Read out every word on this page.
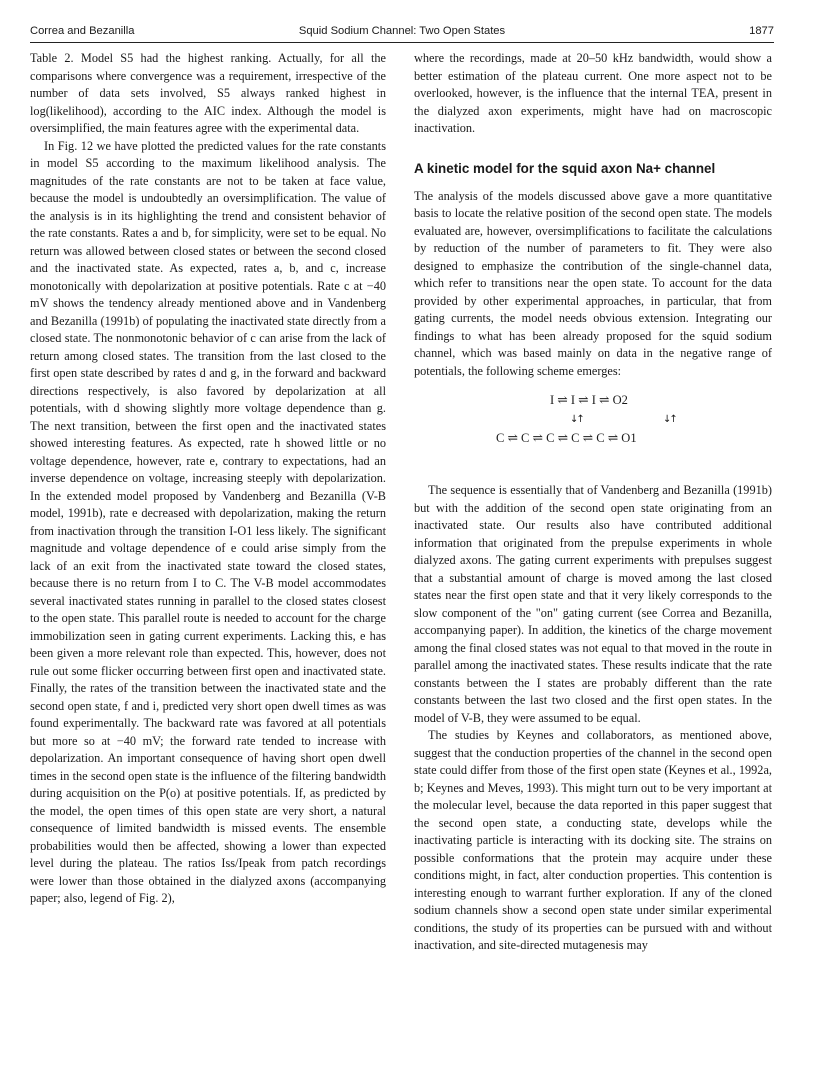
Correa and Bezanilla	Squid Sodium Channel: Two Open States	1877

Table 2. Model S5 had the highest ranking. Actually, for all the comparisons where convergence was a requirement, irrespective of the number of data sets involved, S5 always ranked highest in log(likelihood), according to the AIC index. Although the model is oversimplified, the main features agree with the experimental data.

In Fig. 12 we have plotted the predicted values for the rate constants in model S5 according to the maximum likelihood analysis. The magnitudes of the rate constants are not to be taken at face value, because the model is undoubtedly an oversimplification. The value of the analysis is in its highlighting the trend and consistent behavior of the rate constants. Rates a and b, for simplicity, were set to be equal. No return was allowed between closed states or between the second closed and the inactivated state. As expected, rates a, b, and c, increase monotonically with depolarization at positive potentials. Rate c at −40 mV shows the tendency already mentioned above and in Vandenberg and Bezanilla (1991b) of populating the inactivated state directly from a closed state. The nonmonotonic behavior of c can arise from the lack of return among closed states. The transition from the last closed to the first open state described by rates d and g, in the forward and backward directions respectively, is also favored by depolarization at all potentials, with d showing slightly more voltage dependence than g. The next transition, between the first open and the inactivated states showed interesting features. As expected, rate h showed little or no voltage dependence, however, rate e, contrary to expectations, had an inverse dependence on voltage, increasing steeply with depolarization. In the extended model proposed by Vandenberg and Bezanilla (V-B model, 1991b), rate e decreased with depolarization, making the return from inactivation through the transition I-O1 less likely. The significant magnitude and voltage dependence of e could arise simply from the lack of an exit from the inactivated state toward the closed states, because there is no return from I to C. The V-B model accommodates several inactivated states running in parallel to the closed states closest to the open state. This parallel route is needed to account for the charge immobilization seen in gating current experiments. Lacking this, e has been given a more relevant role than expected. This, however, does not rule out some flicker occurring between first open and inactivated state. Finally, the rates of the transition between the inactivated state and the second open state, f and i, predicted very short open dwell times as was found experimentally. The backward rate was favored at all potentials but more so at −40 mV; the forward rate tended to increase with depolarization. An important consequence of having short open dwell times in the second open state is the influence of the filtering bandwidth during acquisition on the P(o) at positive potentials. If, as predicted by the model, the open times of this open state are very short, a natural consequence of limited bandwidth is missed events. The ensemble probabilities would then be affected, showing a lower than expected level during the plateau. The ratios Iss/Ipeak from patch recordings were lower than those obtained in the dialyzed axons (accompanying paper; also, legend of Fig. 2),

where the recordings, made at 20–50 kHz bandwidth, would show a better estimation of the plateau current. One more aspect not to be overlooked, however, is the influence that the internal TEA, present in the dialyzed axon experiments, might have had on macroscopic inactivation.

A kinetic model for the squid axon Na+ channel

The analysis of the models discussed above gave a more quantitative basis to locate the relative position of the second open state. The models evaluated are, however, oversimplifications to facilitate the calculations by reduction of the number of parameters to fit. They were also designed to emphasize the contribution of the single-channel data, which refer to transitions near the open state. To account for the data provided by other experimental approaches, in particular, that from gating currents, the model needs obvious extension. Integrating our findings to what has been already proposed for the squid sodium channel, which was based mainly on data in the negative range of potentials, the following scheme emerges:

I ⇌ I ⇌ I ⇌ O2
↓↑	↓↑
C ⇌ C ⇌ C ⇌ C ⇌ C ⇌ O1

The sequence is essentially that of Vandenberg and Bezanilla (1991b) but with the addition of the second open state originating from an inactivated state. Our results also have contributed additional information that originated from the prepulse experiments in whole dialyzed axons. The gating current experiments with prepulses suggest that a substantial amount of charge is moved among the last closed states near the first open state and that it very likely corresponds to the slow component of the "on" gating current (see Correa and Bezanilla, accompanying paper). In addition, the kinetics of the charge movement among the final closed states was not equal to that moved in the route in parallel among the inactivated states. These results indicate that the rate constants between the I states are probably different than the rate constants between the last two closed and the first open states. In the model of V-B, they were assumed to be equal.

The studies by Keynes and collaborators, as mentioned above, suggest that the conduction properties of the channel in the second open state could differ from those of the first open state (Keynes et al., 1992a, b; Keynes and Meves, 1993). This might turn out to be very important at the molecular level, because the data reported in this paper suggest that the second open state, a conducting state, develops while the inactivating particle is interacting with its docking site. The strains on possible conformations that the protein may acquire under these conditions might, in fact, alter conduction properties. This contention is interesting enough to warrant further exploration. If any of the cloned sodium channels show a second open state under similar experimental conditions, the study of its properties can be pursued with and without inactivation, and site-directed mutagenesis may
